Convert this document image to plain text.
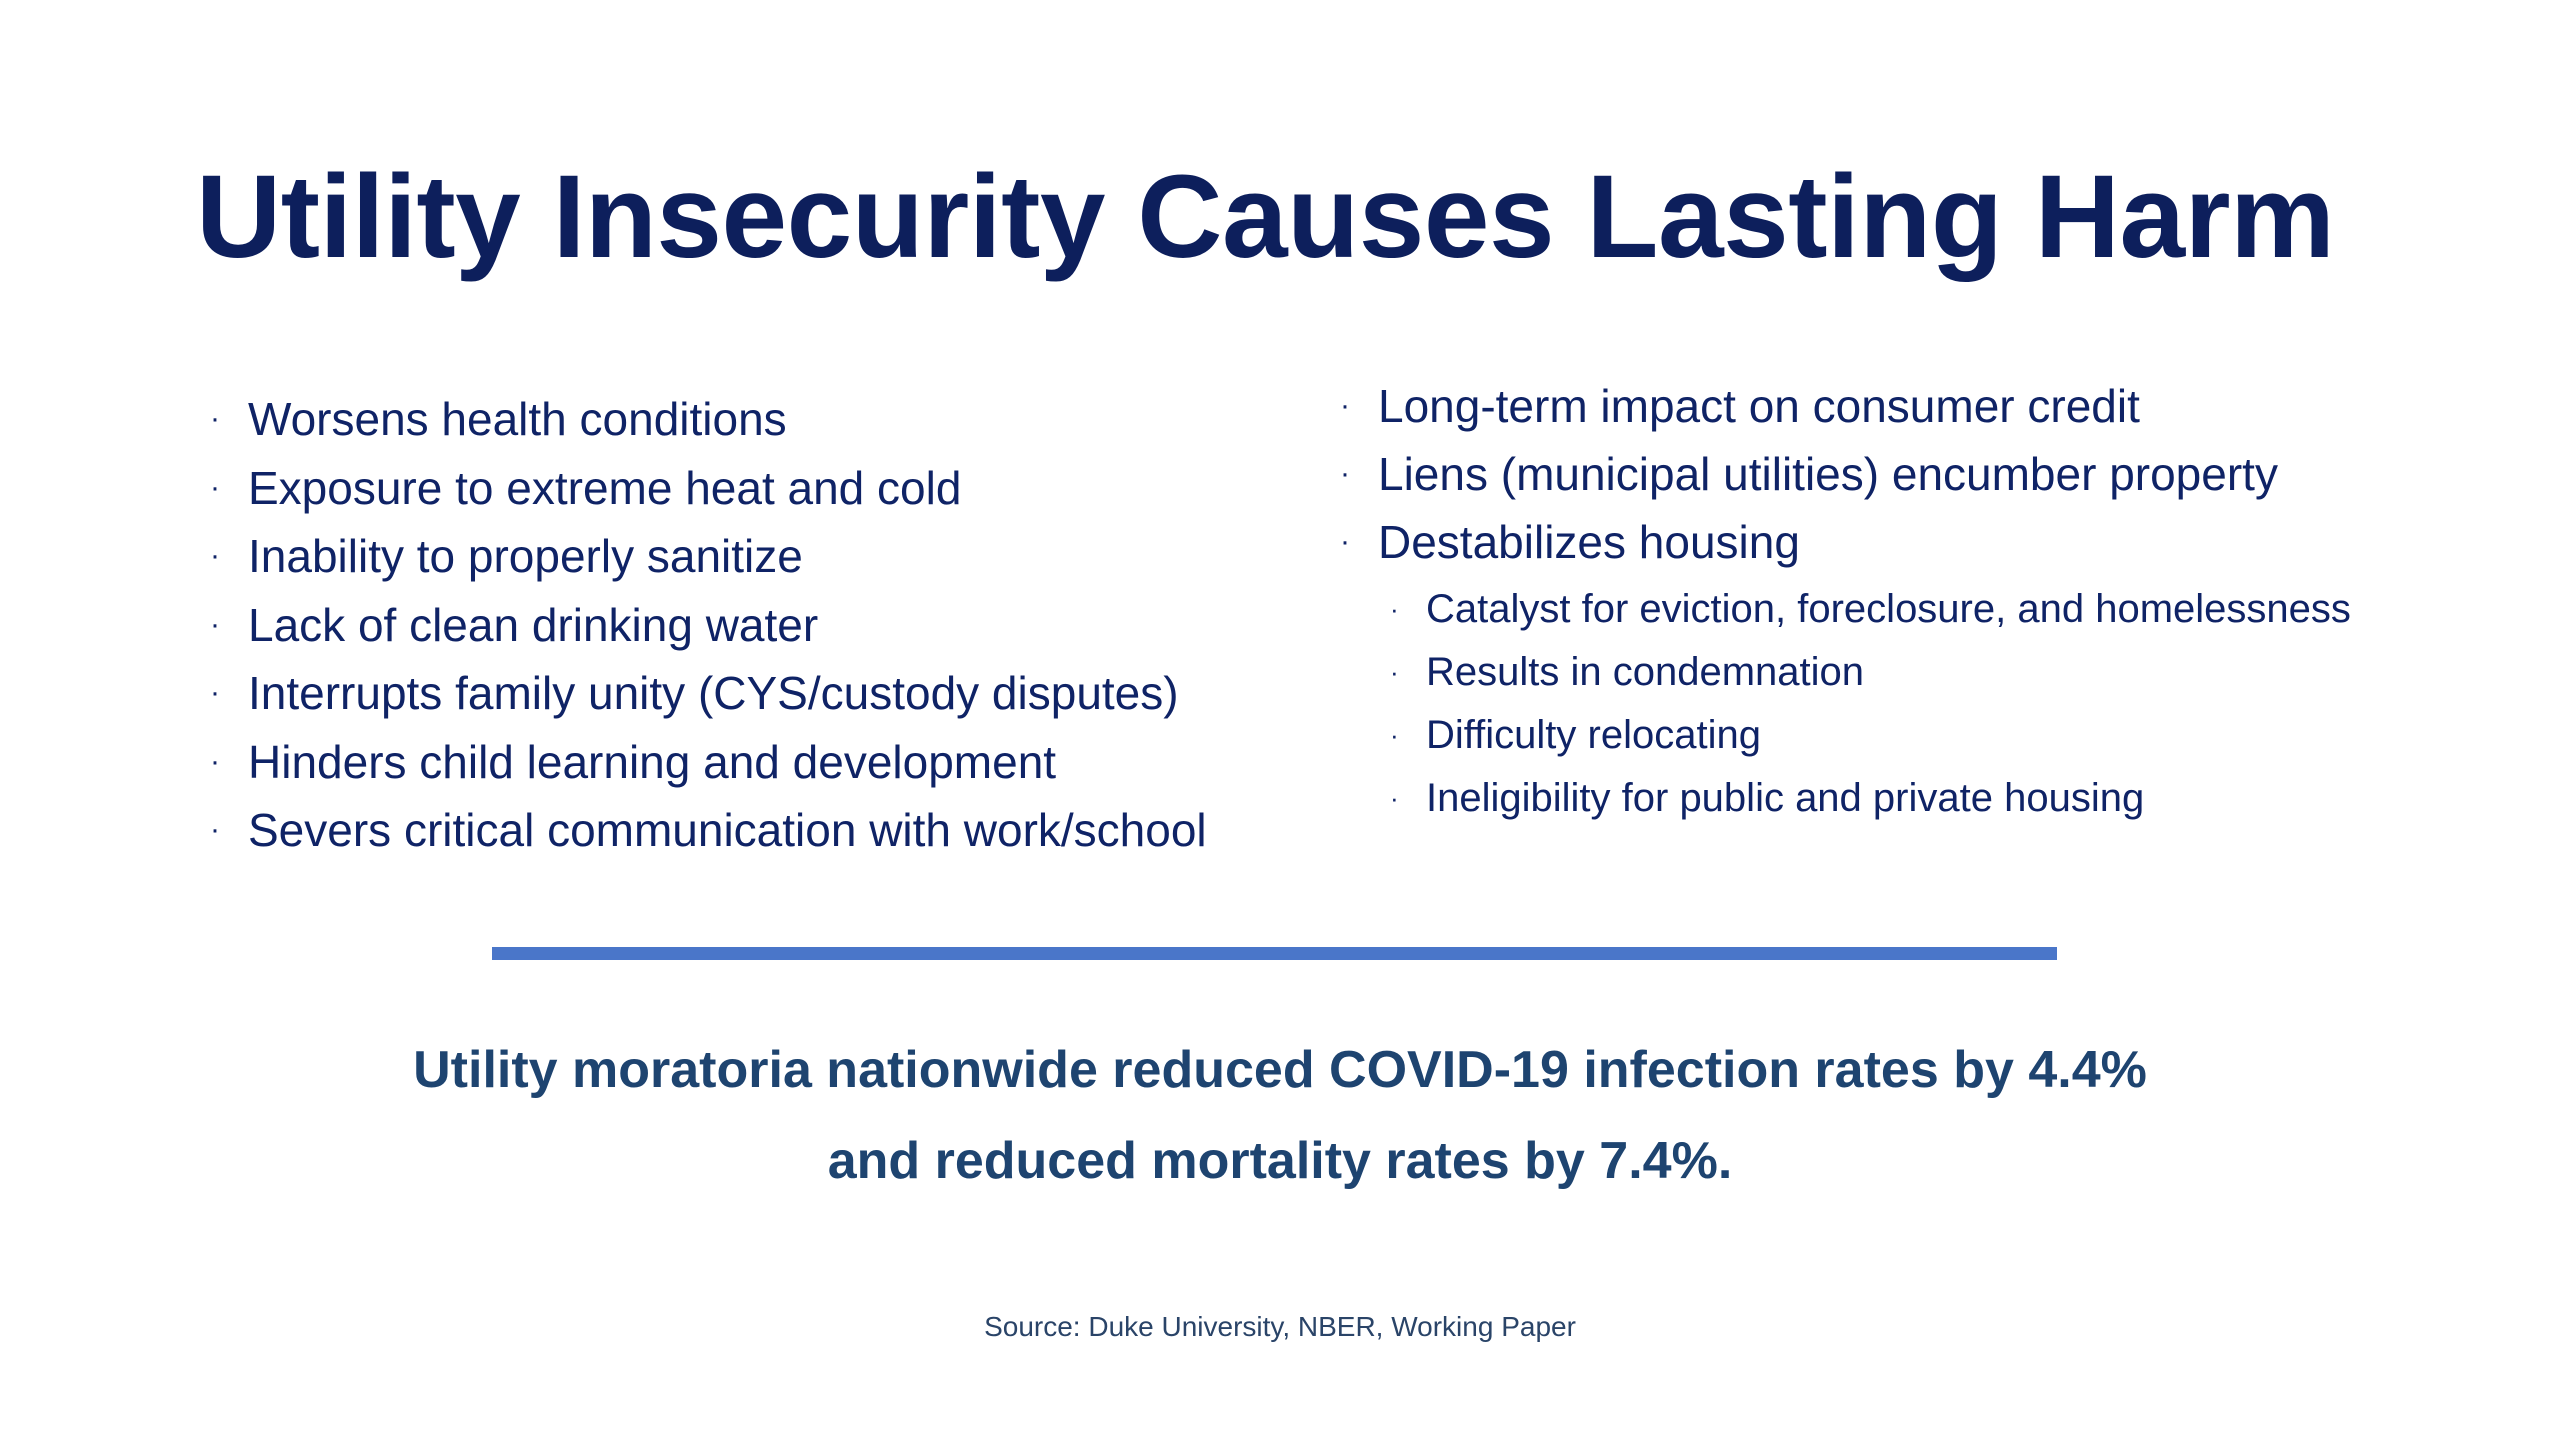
Utility Insecurity Causes Lasting Harm
· Worsens health conditions
· Exposure to extreme heat and cold
· Inability to properly sanitize
· Lack of clean drinking water
· Interrupts family unity (CYS/custody disputes)
· Hinders child learning and development
· Severs critical communication with work/school
· Long-term impact on consumer credit
· Liens (municipal utilities) encumber property
· Destabilizes housing
· Catalyst for eviction, foreclosure, and homelessness
· Results in condemnation
· Difficulty relocating
· Ineligibility for public and private housing

Utility moratoria nationwide reduced COVID-19 infection rates by 4.4%

and reduced mortality rates by 7.4%.

Source: Duke University, NBER, Working Paper
